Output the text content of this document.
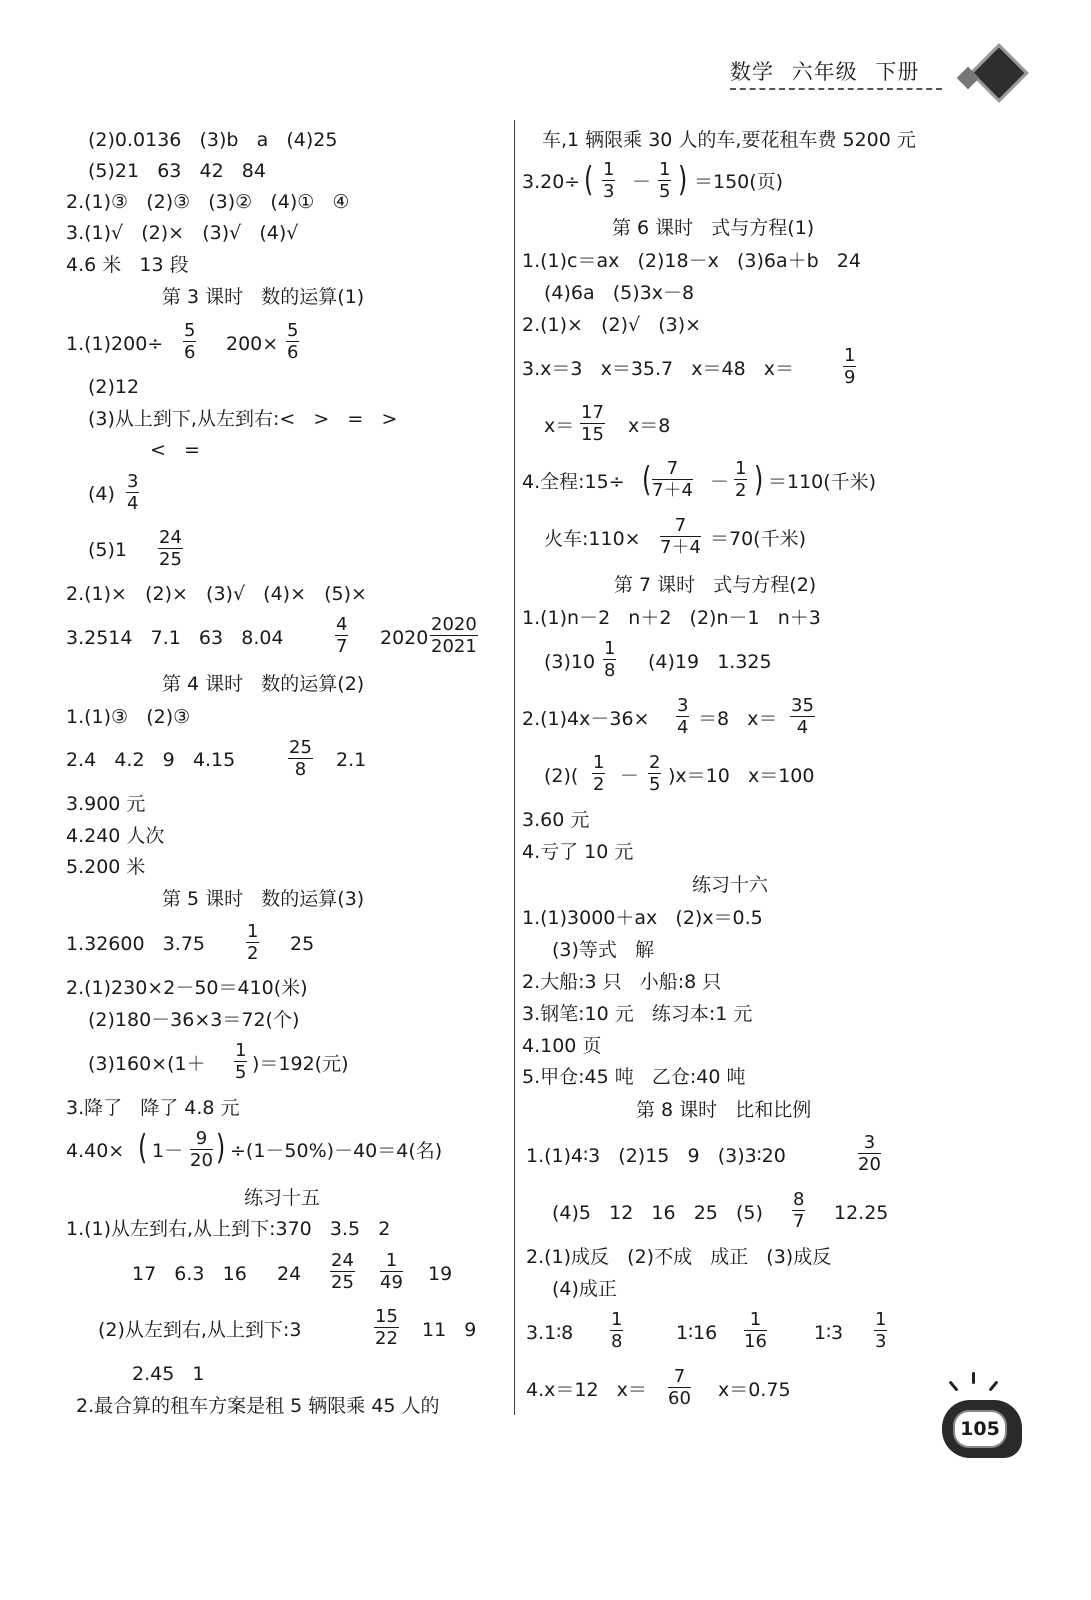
数学 六年级 下册
(2)0.0136   (3)b   a   (4)25
(5)21   63   42   84
2.(1)③   (2)③   (3)②   (4)①   ④
3.(1)√   (2)×   (3)√   (4)√
4.6 米   13 段
第 3 课时   数的运算(1)
$1.(1)200\div \frac{5}{6} 200\times \frac{5}{6}$
(2)12
(3)从上到下,从左到右:<   >   =   >
<   =
$(4) \frac{3}{4}$
$(5)1 \frac{24}{25}$
2.(1)×   (2)×   (3)√   (4)×   (5)×
3.2514   7.1   63   8.04	$\frac{4}{7} 2020 \frac{2020}{2021}$
第 4 课时   数的运算(2)
1.(1)③   (2)③
2.4   4.2   9   4.15	$\frac{25}{8} 2.1$
3.900 元
4.240 人次
5.200 米
第 5 课时   数的运算(3)
1.32600   $3.75 \frac{1}{2} 25$
2.(1)230×2－50＝410(米)
(2)180－36×3＝72(个)
$(3)160\times(1+ \frac{1}{5} )=192$(元)
3.降了   降了 4.8 元
4.40× ( $1- \frac{9}{20}$ ) ÷(1－50%)－40＝4(名)
练习十五
1.(1)从左到右,从上到下:370   3.5   2
17   6.3   16     $24 \frac{24}{25} \frac{1}{49} 19$
(2)从左到右,从上到下:3	$\frac{15}{22} 11$   9
2.45   1
2.最合算的租车方案是租 5 辆限乘 45 人的
车,1 辆限乘 30 人的车,要花租车费 5200 元
3.20÷ ( $\frac{1}{3} - \frac{1}{5}$ ) ＝150(页)
第 6 课时   式与方程(1)
1.(1)c＝ax   (2)18－x   (3)6a＋b   24
(4)6a   (5)3x－8
2.(1)×   (2)√   (3)×
3.x＝3   x＝35.7   x＝48   x＝	$\frac{1}{9}$
$x= \frac{17}{15} x=8$
4.全程:15÷ ( $\frac{7}{7+4} - \frac{1}{2}$ ) ＝110(千米)
火车:110× $\frac{7}{7+4} =70$(千米)
第 7 课时   式与方程(2)
1.(1)n－2   n＋2   (2)n－1   n＋3
$(3)10 \frac{1}{8} (4)19$   1.325
$2.(1)4x-36\times \frac{3}{4} =8$   $x= \frac{35}{4}$
$(2)( \frac{1}{2} - \frac{2}{5} )x=10$   x＝100
3.60 元
4.亏了 10 元
练习十六
1.(1)3000＋ax   (2)x＝0.5
(3)等式   解
2.大船:3 只   小船:8 只
3.钢笔:10 元   练习本:1 元
4.100 页
5.甲仓:45 吨   乙仓:40 吨
第 8 课时   比和比例
1.(1)4∶3   (2)15   9   (3)3∶20	$\frac{3}{20}$
(4)5   12   16   25   $(5) \frac{8}{7} 12.25$
2.(1)成反   (2)不成   成正   (3)成反
(4)成正
3.1∶8 $\frac{1}{8}$	1∶16 $\frac{1}{16}$ 1∶3 $\frac{1}{3}$
4.x＝12   $x= \frac{7}{60} x=0.75$
105
